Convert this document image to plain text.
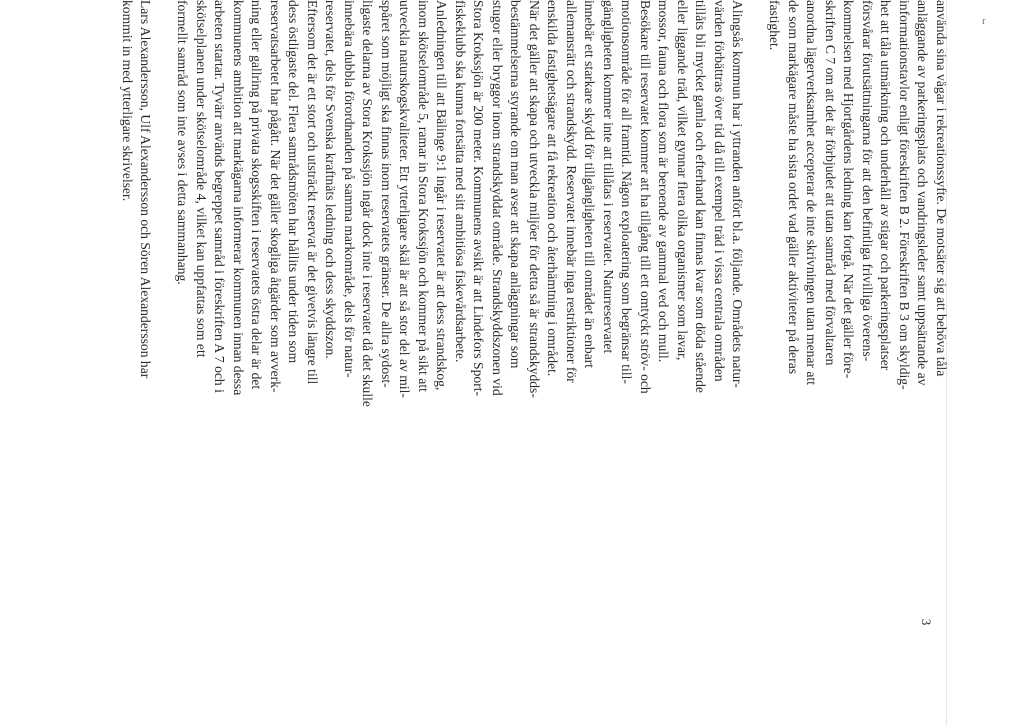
r
3

använda sina vägar i rekreationssyfte. De motsäter sig att behöva tåla
anläggande av parkeringsplats och vandringsleder samt uppsättande av
informationstavlor enligt föreskriften B 2. Föreskriften B 3 om skyldig-
het att tåla utmärkning och underhåll av stigar och parkeringsplatser
försvårar förutsättningarna för att den befintliga frivilliga överens-
kommelsen med Hjortgårdens ledning kan fortgå. När det gäller före-
skriften C 7 om att det är förbjudet att utan samråd med förvaltaren
anordna lägerverksamhet accepterar de inte skrivningen utan menar att
de som markägare måste ha sista ordet vad gäller aktiviteter på deras
fastighet.

Alingsås kommun har i yttranden anfört bl.a. följande. Områdets natur-
värden förbättras över tid då till exempel träd i vissa centrala områden
tillåts bli mycket gamla och efterhand kan finnas kvar som döda stående
eller liggande träd, vilket gynnar flera olika organismer som lavar,
mossor, fauna och flora som är beroende av gammal ved och mull.
Besökare till reservatet kommer att ha tillgång till ett omtyckt ströv- och
motionsområde för all framtid. Någon exploatering som begränsar till-
gängligheten kommer inte att tillåtas i reservatet. Naturreservatet
innebär ett starkare skydd för tillgängligheten till området än enbart
allemansrätt och strandskydd. Reservatet innebär inga restriktioner för
enskilda fastighetsägare att få rekreation och återhämtning i området.
När det gäller att skapa och utveckla miljöer för detta så är strandskydds-
bestämmelserna styrande om man avser att skapa anläggningar som
stugor eller bryggor inom strandskyddat område. Strandskyddszonen vid
Stora Krokssjön är 200 meter. Kommunens avsikt är att Lindefors Sport-
fiskeklubb ska kunna fortsätta med sitt ambitiösa fiskevårdsarbete.
Anledningen till att Bälinge 9:1 ingår i reservatet är att dess strandskog,
inom skötselområde 5, ramar in Stora Krokssjön och kommer på sikt att
utveckla naturskogskvaliteter. Ett ytterligare skäl är att så stor del av mil-
spåret som möjligt ska finnas inom reservatets gränser. De allra sydost-
ligaste delarna av Stora Krokssjön ingår dock inte i reservatet då det skulle
innebära dubbla förordnanden på samma markområde, dels för natur-
reservatet, dels för Svenska kraftnäts ledning och dess skyddszon.
Eftersom det är ett stort och utsträckt reservat är det givetvis längre till
dess östligaste del. Flera samrådsmöten har hållits under tiden som
reservatsarbetet har pågått. När det gäller skogliga åtgärder som avverk-
ning eller gallring på privata skogsskiften i reservatets östra delar är det
kommunens ambition att markägarna informerar kommunen innan dessa
arbeten startar. Tyvärr används begreppet samråd i föreskriften A 7 och i
skötselplanen under skötselområde 4, vilket kan uppfattas som ett
formellt samråd som inte avses i detta sammanhang.

Lars Alexandersson, Ulf Alexandersson och Sören Alexandersson har
kommit in med ytterligare skrivelser.
